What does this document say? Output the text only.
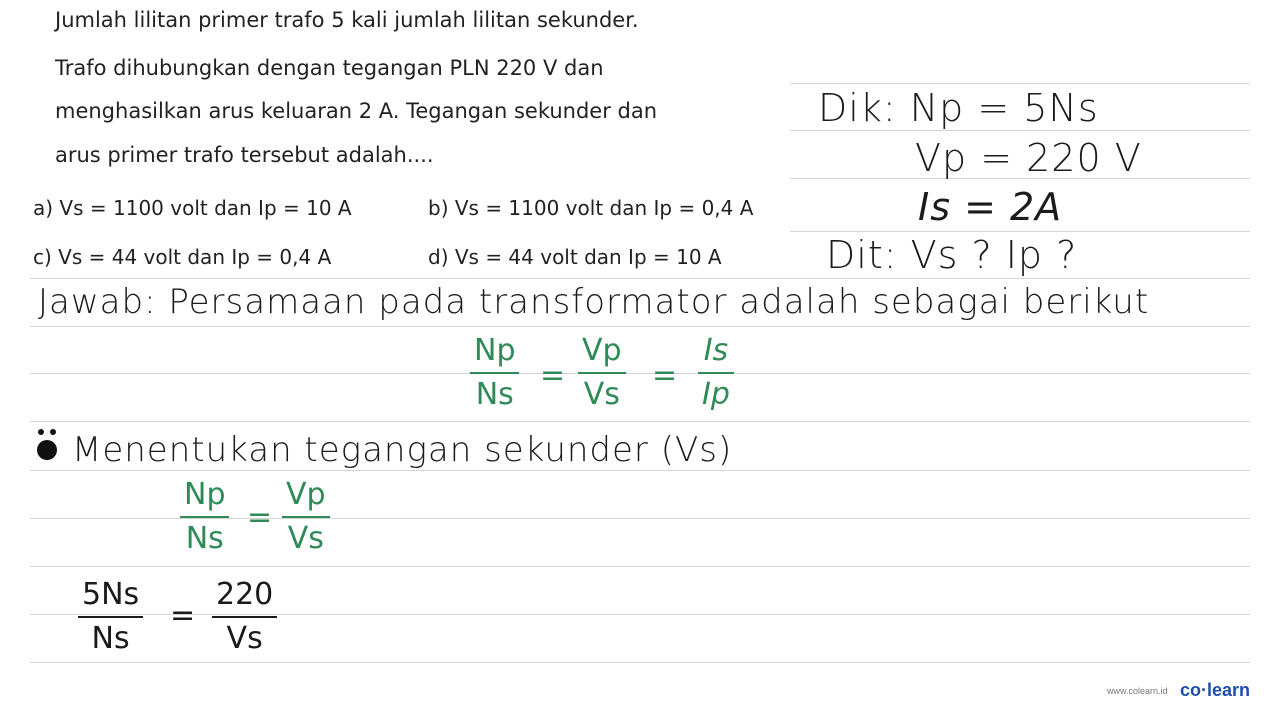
Jumlah lilitan primer trafo 5 kali jumlah lilitan sekunder.
Trafo dihubungkan dengan tegangan PLN 220 V dan
menghasilkan arus keluaran 2 A. Tegangan sekunder dan
arus primer trafo tersebut adalah....
a) Vs = 1100 volt dan Ip = 10 A	b) Vs = 1100 volt dan Ip = 0,4 A
c) Vs = 44 volt dan Ip = 0,4 A	d) Vs = 44 volt dan Ip = 10 A
Dik: Np = 5Ns
Vp = 220 V
Is = 2A
Dit: Vs ? Ip ?
Jawab: Persamaan pada transformator adalah sebagai berikut
Np
Ns
=
Vp
Vs
=
Is
Ip
Menentukan tegangan sekunder (Vs)
Np
Ns
=
Vp
Vs
5Ns
Ns
=
220
Vs
www.colearn.id co·learn
